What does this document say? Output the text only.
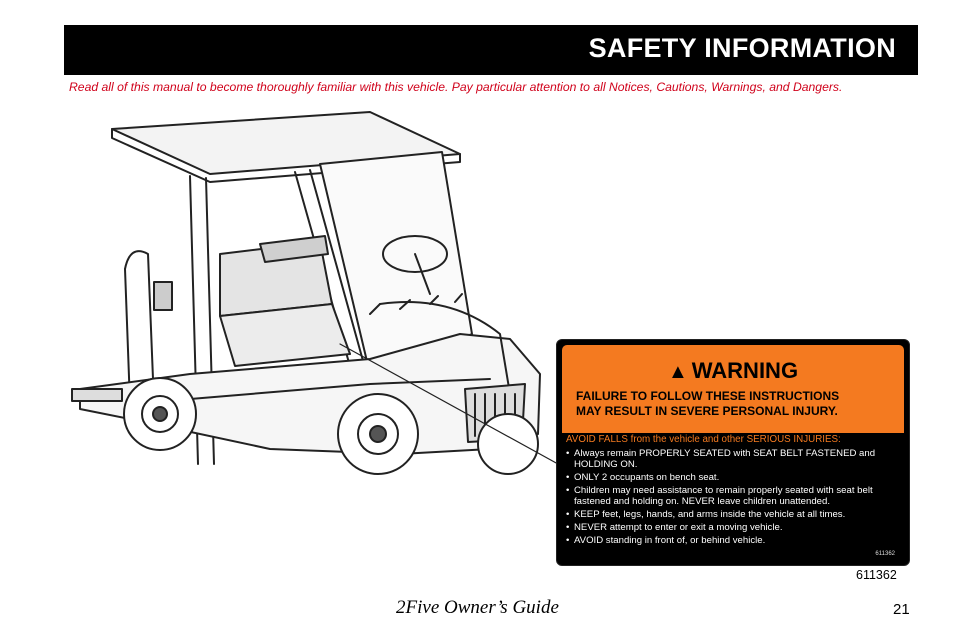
SAFETY INFORMATION
Read all of this manual to become thoroughly familiar with this vehicle. Pay particular attention to all Notices, Cautions, Warnings, and Dangers.
▲ WARNING
FAILURE TO FOLLOW THESE INSTRUCTIONS
MAY RESULT IN SEVERE PERSONAL INJURY.
AVOID FALLS from the vehicle and other SERIOUS INJURIES:
• Always remain PROPERLY SEATED with SEAT BELT FASTENED and HOLDING ON.
• ONLY 2 occupants on bench seat.
• Children may need assistance to remain properly seated with seat belt fastened and holding on. NEVER leave children unattended.
• KEEP feet, legs, hands, and arms inside the vehicle at all times.
• NEVER attempt to enter or exit a moving vehicle.
• AVOID standing in front of, or behind vehicle.
611362
611362
2Five Owner’s Guide	21
